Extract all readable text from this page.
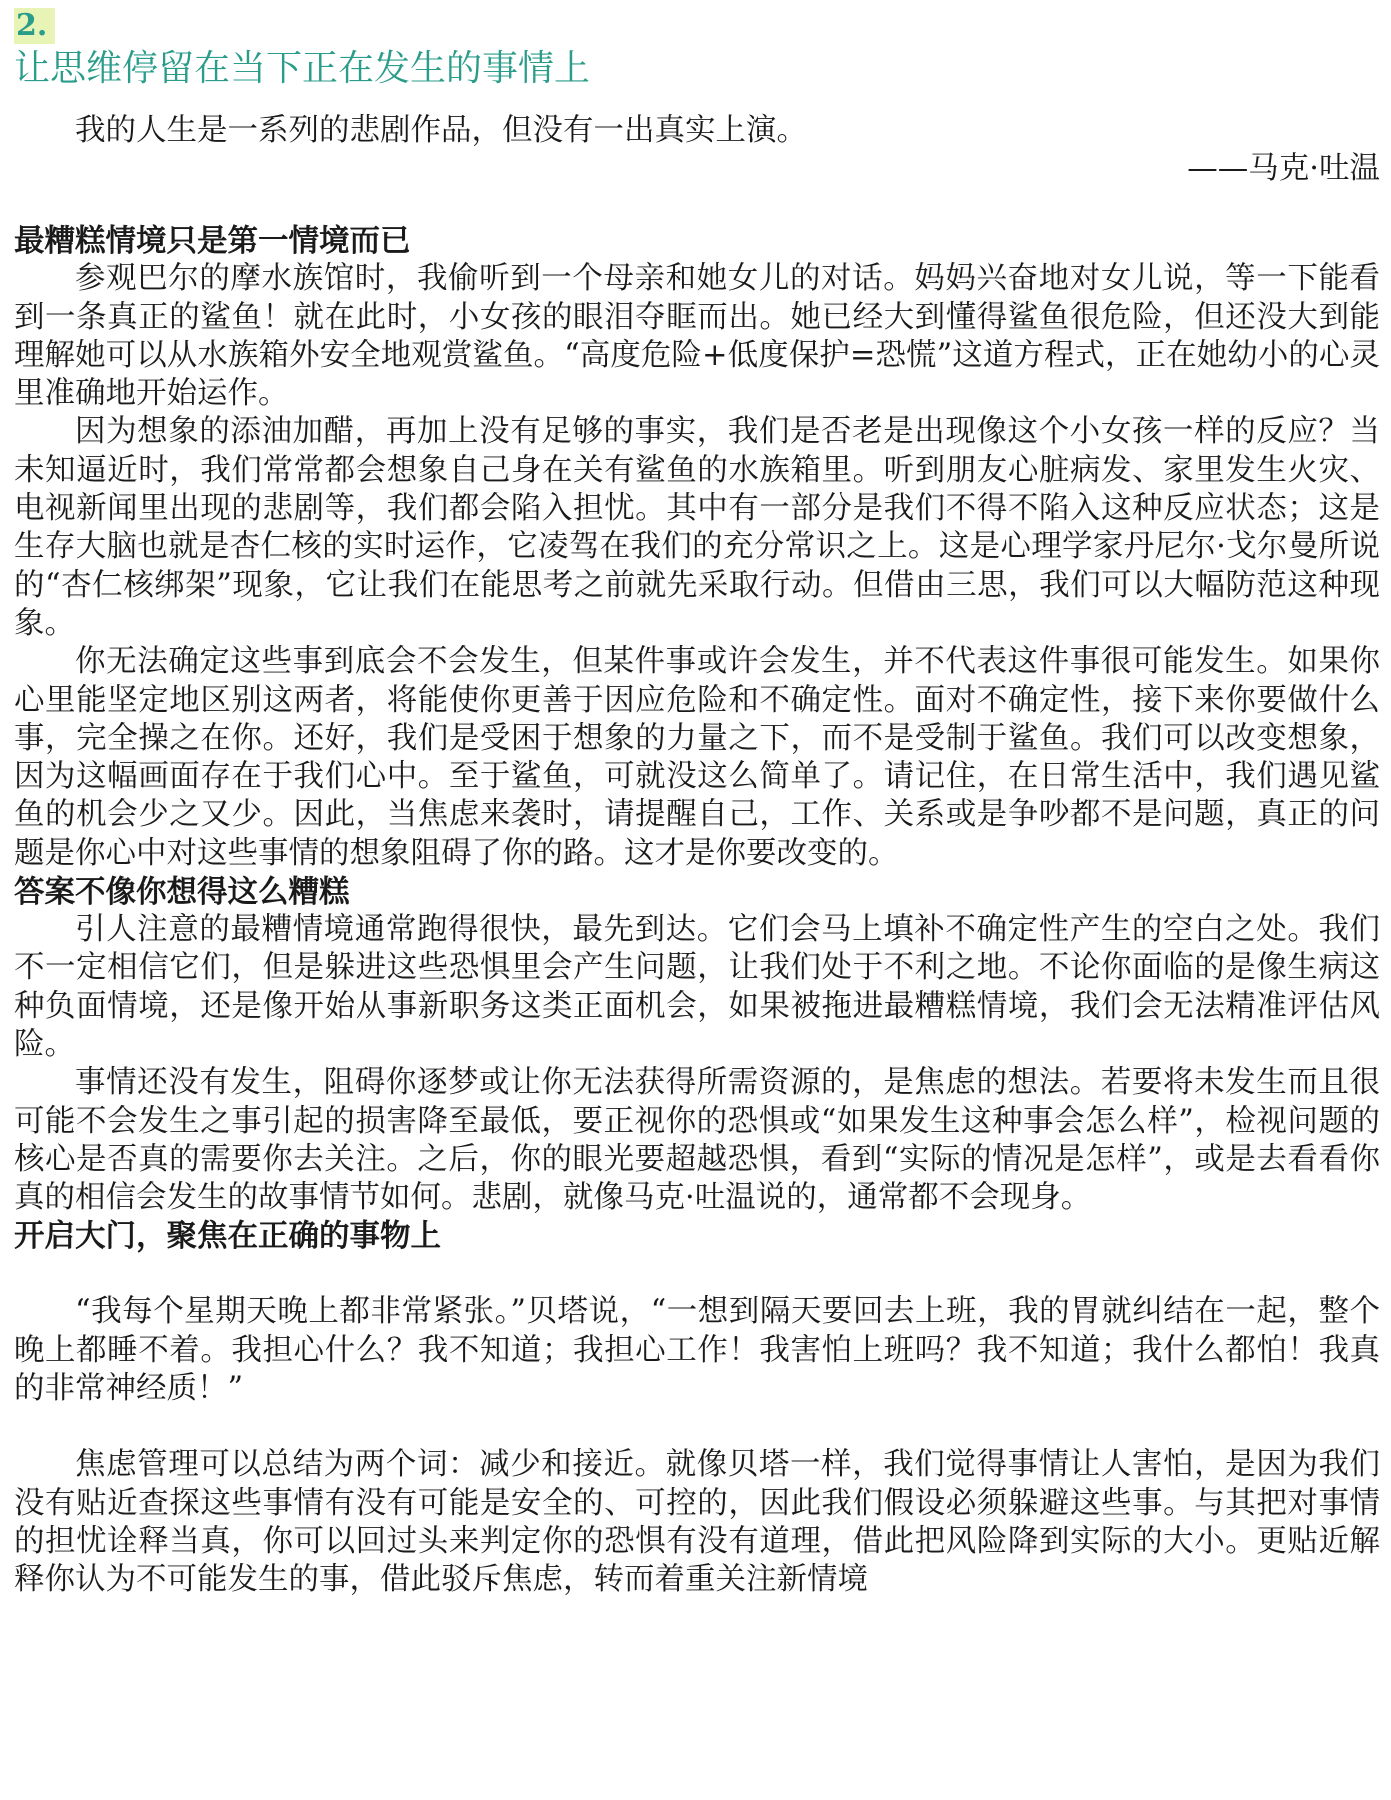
2.
让思维停留在当下正在发生的事情上

我的人生是一系列的悲剧作品，但没有一出真实上演。

——马克·吐温

最糟糕情境只是第一情境而已

参观巴尔的摩水族馆时，我偷听到一个母亲和她女儿的对话。妈妈兴奋地对女儿说，等一下能看到一条真正的鲨鱼！就在此时，小女孩的眼泪夺眶而出。她已经大到懂得鲨鱼很危险，但还没大到能理解她可以从水族箱外安全地观赏鲨鱼。“高度危险+低度保护=恐慌”这道方程式，正在她幼小的心灵里准确地开始运作。

因为想象的添油加醋，再加上没有足够的事实，我们是否老是出现像这个小女孩一样的反应？当未知逼近时，我们常常都会想象自己身在关有鲨鱼的水族箱里。听到朋友心脏病发、家里发生火灾、电视新闻里出现的悲剧等，我们都会陷入担忧。其中有一部分是我们不得不陷入这种反应状态；这是生存大脑也就是杏仁核的实时运作，它凌驾在我们的充分常识之上。这是心理学家丹尼尔·戈尔曼所说的“杏仁核绑架”现象，它让我们在能思考之前就先采取行动。但借由三思，我们可以大幅防范这种现象。

你无法确定这些事到底会不会发生，但某件事或许会发生，并不代表这件事很可能发生。如果你心里能坚定地区别这两者，将能使你更善于因应危险和不确定性。面对不确定性，接下来你要做什么事，完全操之在你。还好，我们是受困于想象的力量之下，而不是受制于鲨鱼。我们可以改变想象，因为这幅画面存在于我们心中。至于鲨鱼，可就没这么简单了。请记住，在日常生活中，我们遇见鲨鱼的机会少之又少。因此，当焦虑来袭时，请提醒自己，工作、关系或是争吵都不是问题，真正的问题是你心中对这些事情的想象阻碍了你的路。这才是你要改变的。

答案不像你想得这么糟糕

引人注意的最糟情境通常跑得很快，最先到达。它们会马上填补不确定性产生的空白之处。我们不一定相信它们，但是躲进这些恐惧里会产生问题，让我们处于不利之地。不论你面临的是像生病这种负面情境，还是像开始从事新职务这类正面机会，如果被拖进最糟糕情境，我们会无法精准评估风险。

事情还没有发生，阻碍你逐梦或让你无法获得所需资源的，是焦虑的想法。若要将未发生而且很可能不会发生之事引起的损害降至最低，要正视你的恐惧或“如果发生这种事会怎么样”，检视问题的核心是否真的需要你去关注。之后，你的眼光要超越恐惧，看到“实际的情况是怎样”，或是去看看你真的相信会发生的故事情节如何。悲剧，就像马克·吐温说的，通常都不会现身。

开启大门，聚焦在正确的事物上

“我每个星期天晚上都非常紧张。”贝塔说，“一想到隔天要回去上班，我的胃就纠结在一起，整个晚上都睡不着。我担心什么？我不知道；我担心工作！我害怕上班吗？我不知道；我什么都怕！我真的非常神经质！”

焦虑管理可以总结为两个词：减少和接近。就像贝塔一样，我们觉得事情让人害怕，是因为我们没有贴近查探这些事情有没有可能是安全的、可控的，因此我们假设必须躲避这些事。与其把对事情的担忧诠释当真，你可以回过头来判定你的恐惧有没有道理，借此把风险降到实际的大小。更贴近解释你认为不可能发生的事，借此驳斥焦虑，转而着重关注新情境
